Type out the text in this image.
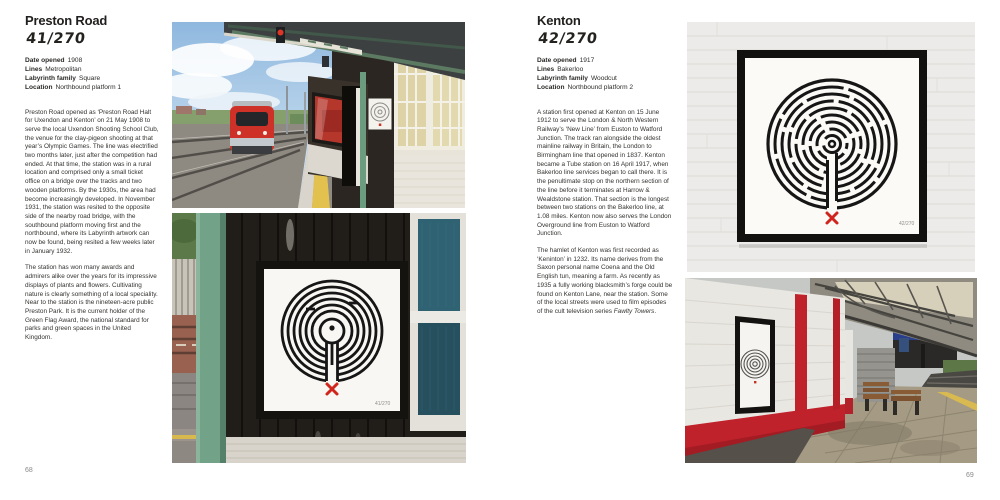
Preston Road
41/270
Date opened 1908
Lines Metropolitan
Labyrinth family Square
Location Northbound platform 1

Preston Road opened as ‘Preston Road Halt for Uxendon and Kenton’ on 21 May 1908 to serve the local Uxendon Shooting School Club, the venue for the clay-pigeon shooting at that year’s Olympic Games. The line was electrified two months later, just after the competition had ended. At that time, the station was in a rural location and comprised only a small ticket office on a bridge over the tracks and two wooden platforms. By the 1930s, the area had become increasingly developed. In November 1931, the station was resited to the opposite side of the nearby road bridge, with the southbound platform moving first and the northbound, where its Labyrinth artwork can now be found, being resited a few weeks later in January 1932.

The station has won many awards and admirers alike over the years for its impressive displays of plants and flowers. Cultivating nature is clearly something of a local speciality. Near to the station is the nineteen-acre public Preston Park. It is the current holder of the Green Flag Award, the national standard for parks and green spaces in the United Kingdom.

41/270
68
Kenton
42/270
Date opened 1917
Lines Bakerloo
Labyrinth family Woodcut
Location Northbound platform 2

A station first opened at Kenton on 15 June 1912 to serve the London & North Western Railway’s ‘New Line’ from Euston to Watford Junction. The track ran alongside the oldest mainline railway in Britain, the London to Birmingham line that opened in 1837. Kenton became a Tube station on 16 April 1917, when Bakerloo line services began to call there. It is the penultimate stop on the northern section of the line before it terminates at Harrow & Wealdstone station. That section is the longest between two stations on the Bakerloo line, at 1.08 miles. Kenton now also serves the London Overground line from Euston to Watford Junction.

The hamlet of Kenton was first recorded as ‘Keninton’ in 1232. Its name derives from the Saxon personal name Coena and the Old English tun, meaning a farm. As recently as 1935 a fully working blacksmith’s forge could be found on Kenton Lane, near the station. Some of the local streets were used to film episodes of the cult television series Fawlty Towers.

69
42/270
